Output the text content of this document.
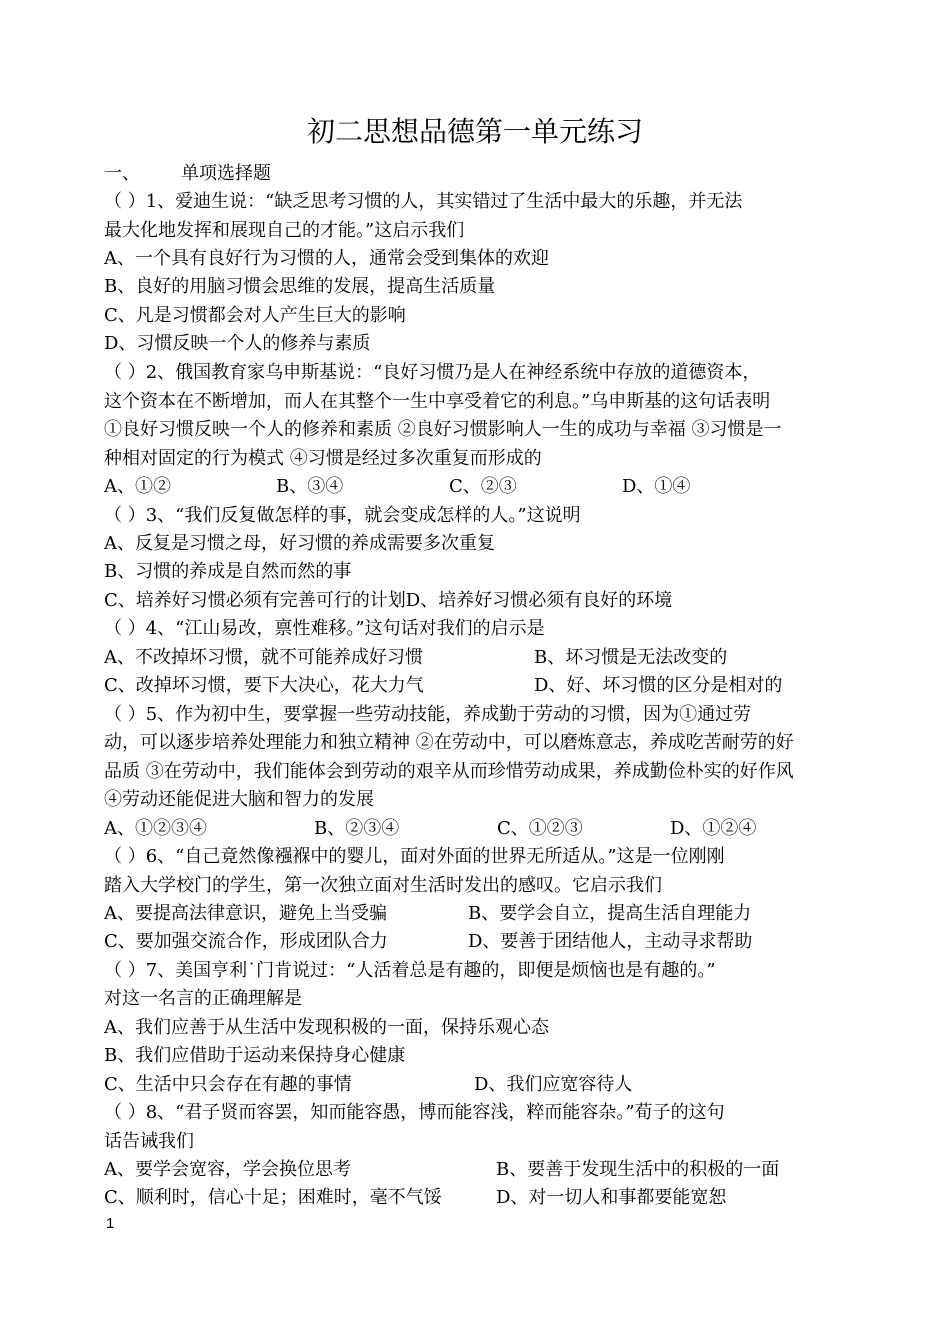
初二思想品德第一单元练习
一、 单项选择题
（ ）1、爱迪生说：“缺乏思考习惯的人，其实错过了生活中最大的乐趣，并无法
最大化地发挥和展现自己的才能。”这启示我们
A、一个具有良好行为习惯的人，通常会受到集体的欢迎
B、良好的用脑习惯会思维的发展，提高生活质量
C、凡是习惯都会对人产生巨大的影响
D、习惯反映一个人的修养与素质
（ ）2、俄国教育家乌申斯基说：“良好习惯乃是人在神经系统中存放的道德资本，
这个资本在不断增加，而人在其整个一生中享受着它的利息。”乌申斯基的这句话表明
①良好习惯反映一个人的修养和素质 ②良好习惯影响人一生的成功与幸福 ③习惯是一
种相对固定的行为模式 ④习惯是经过多次重复而形成的
A、①②	B、③④	C、②③	D、①④
（ ）3、“我们反复做怎样的事，就会变成怎样的人。”这说明
A、反复是习惯之母，好习惯的养成需要多次重复
B、习惯的养成是自然而然的事
C、培养好习惯必须有完善可行的计划D、培养好习惯必须有良好的环境
（ ）4、“江山易改，禀性难移。”这句话对我们的启示是
A、不改掉坏习惯，就不可能养成好习惯	B、坏习惯是无法改变的
C、改掉坏习惯，要下大决心，花大力气	D、好、坏习惯的区分是相对的
（ ）5、作为初中生，要掌握一些劳动技能，养成勤于劳动的习惯，因为①通过劳
动，可以逐步培养处理能力和独立精神 ②在劳动中，可以磨炼意志，养成吃苦耐劳的好
品质 ③在劳动中，我们能体会到劳动的艰辛从而珍惜劳动成果，养成勤俭朴实的好作风
④劳动还能促进大脑和智力的发展
A、①②③④	B、②③④	C、①②③	D、①②④
（ ）6、“自己竟然像襁褓中的婴儿，面对外面的世界无所适从。”这是一位刚刚
踏入大学校门的学生，第一次独立面对生活时发出的感叹。它启示我们
A、要提高法律意识，避免上当受骗	B、要学会自立，提高生活自理能力
C、要加强交流合作，形成团队合力	D、要善于团结他人，主动寻求帮助
（ ）7、美国亨利˙门肯说过：“人活着总是有趣的，即便是烦恼也是有趣的。”
对这一名言的正确理解是
A、我们应善于从生活中发现积极的一面，保持乐观心态
B、我们应借助于运动来保持身心健康
C、生活中只会存在有趣的事情	D、我们应宽容待人
（ ）8、“君子贤而容罢，知而能容愚，博而能容浅，粹而能容杂。”荀子的这句
话告诫我们
A、要学会宽容，学会换位思考	B、要善于发现生活中的积极的一面
C、顺利时，信心十足；困难时，毫不气馁	D、对一切人和事都要能宽恕
1
